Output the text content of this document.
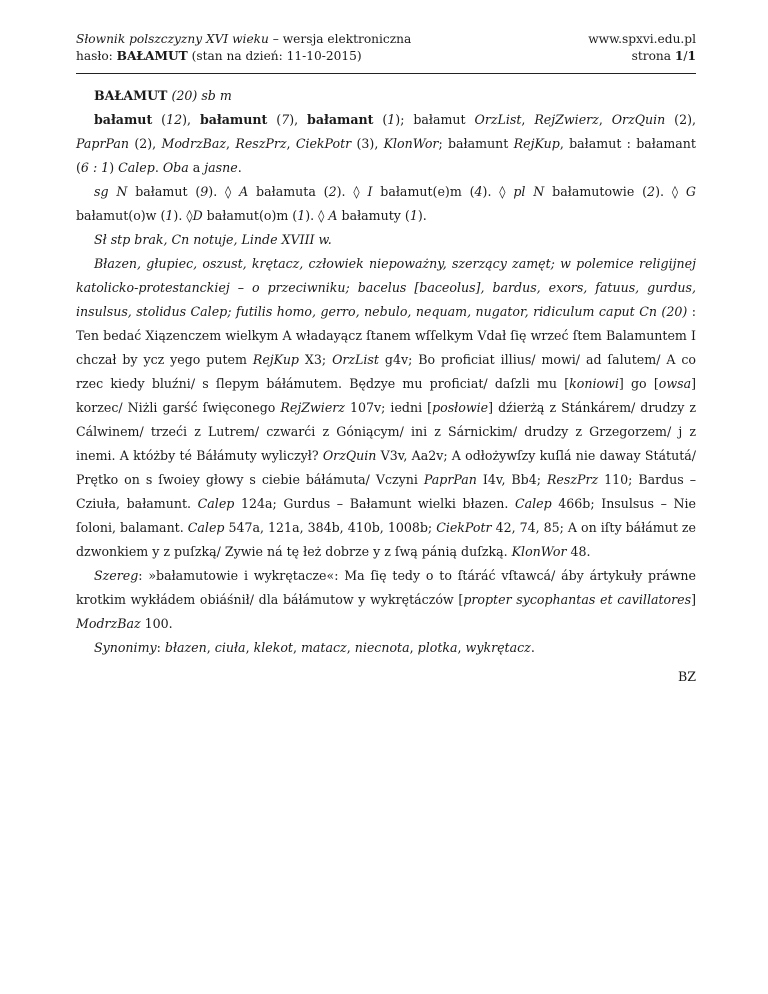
Słownik polszczyzny XVI wieku – wersja elektroniczna
hasło: BAŁAMUT (stan na dzień: 11-10-2015)
www.spxvi.edu.pl
strona 1/1

BAŁAMUT (20) sb m

bałamut (12), bałamunt (7), bałamant (1); bałamut OrzList, RejZwierz, OrzQuin (2), PaprPan (2), ModrzBaz, ReszPrz, CiekPotr (3), KlonWor; bałamunt RejKup, bałamut : bałamant (6 : 1) Calep. Oba a jasne.

sg N bałamut (9). ◊ A bałamuta (2). ◊ I bałamut(e)m (4). ◊ pl N bałamutowie (2). ◊ G bałamut(o)w (1). ◊D bałamut(o)m (1). ◊ A bałamuty (1).

Sł stp brak, Cn notuje, Linde XVIII w.

Błazen, głupiec, oszust, krętacz, człowiek niepoważny, szerzący zamęt; w polemice religijnej katolicko-protestanckiej – o przeciwniku; bacelus [baceolus], bardus, exors, fatuus, gurdus, insulsus, stolidus Calep; futilis homo, gerro, nebulo, nequam, nugator, ridiculum caput Cn (20) : Ten bedać Xiązenczem wielkym A władayącz ſtanem wſſelkym Vdał ſię wrzeć ſtem Balamuntem I chczał by ycz yego putem RejKup X3; OrzList g4v; Bo proficiat illius/ mowi/ ad ſalutem/ A co rzec kiedy bluźni/ s ſlepym báłámutem. Będzye mu proficiat/ daſzli mu [koniowi] go [owsa] korzec/ Niżli garść ſwięconego RejZwierz 107v; iedni [posłowie] dźierżą z Stánkárem/ drudzy z Cálwinem/ trzeći z Lutrem/ czwarći z Góniącym/ ini z Sárnickim/ drudzy z Grzegorzem/ j z inemi. A któżby té Báłámuty wyliczył? OrzQuin V3v, Aa2v; A odłożywſzy kuſlá nie daway Státutá/ Prętko on s ſwoiey głowy s ciebie báłámuta/ Vczyni PaprPan I4v, Bb4; ReszPrz 110; Bardus – Cziuła, bałamunt. Calep 124a; Gurdus – Bałamunt wielki błazen. Calep 466b; Insulsus – Nie ſoloni, balamant. Calep 547a, 121a, 384b, 410b, 1008b; CiekPotr 42, 74, 85; A on iſty báłámut ze dzwonkiem y z puſzką/ Zywie ná tę łeż dobrze y z ſwą pánią duſzką. KlonWor 48.

Szereg: »bałamutowie i wykrętacze«: Ma ſię tedy o to ſtáráć vſtawcá/ áby ártykuły práwne krotkim wykłádem obiáśnił/ dla báłámutow y wykrętáczów [propter sycophantas et cavillatores] ModrzBaz 100.

Synonimy: błazen, ciuła, klekot, matacz, niecnota, plotka, wykrętacz.

BZ
